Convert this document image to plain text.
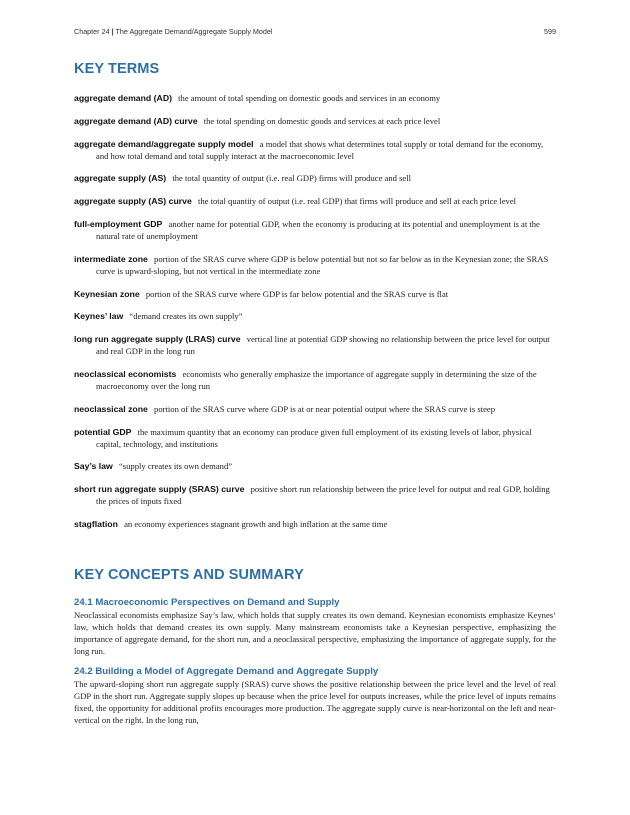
Chapter 24 | The Aggregate Demand/Aggregate Supply Model	599
KEY TERMS

aggregate demand (AD) the amount of total spending on domestic goods and services in an economy

aggregate demand (AD) curve the total spending on domestic goods and services at each price level

aggregate demand/aggregate supply model a model that shows what determines total supply or total demand for the economy, and how total demand and total supply interact at the macroeconomic level

aggregate supply (AS) the total quantity of output (i.e. real GDP) firms will produce and sell

aggregate supply (AS) curve the total quantity of output (i.e. real GDP) that firms will produce and sell at each price level

full-employment GDP another name for potential GDP, when the economy is producing at its potential and unemployment is at the natural rate of unemployment

intermediate zone portion of the SRAS curve where GDP is below potential but not so far below as in the Keynesian zone; the SRAS curve is upward-sloping, but not vertical in the intermediate zone

Keynesian zone portion of the SRAS curve where GDP is far below potential and the SRAS curve is flat

Keynes’ law “demand creates its own supply”

long run aggregate supply (LRAS) curve vertical line at potential GDP showing no relationship between the price level for output and real GDP in the long run

neoclassical economists economists who generally emphasize the importance of aggregate supply in determining the size of the macroeconomy over the long run

neoclassical zone portion of the SRAS curve where GDP is at or near potential output where the SRAS curve is steep

potential GDP the maximum quantity that an economy can produce given full employment of its existing levels of labor, physical capital, technology, and institutions

Say’s law “supply creates its own demand”

short run aggregate supply (SRAS) curve positive short run relationship between the price level for output and real GDP, holding the prices of inputs fixed

stagflation an economy experiences stagnant growth and high inflation at the same time

KEY CONCEPTS AND SUMMARY
24.1 Macroeconomic Perspectives on Demand and Supply

Neoclassical economists emphasize Say’s law, which holds that supply creates its own demand. Keynesian economists emphasize Keynes’ law, which holds that demand creates its own supply. Many mainstream economists take a Keynesian perspective, emphasizing the importance of aggregate demand, for the short run, and a neoclassical perspective, emphasizing the importance of aggregate supply, for the long run.

24.2 Building a Model of Aggregate Demand and Aggregate Supply

The upward-sloping short run aggregate supply (SRAS) curve shows the positive relationship between the price level and the level of real GDP in the short run. Aggregate supply slopes up because when the price level for outputs increases, while the price level of inputs remains fixed, the opportunity for additional profits encourages more production. The aggregate supply curve is near-horizontal on the left and near-vertical on the right. In the long run,
